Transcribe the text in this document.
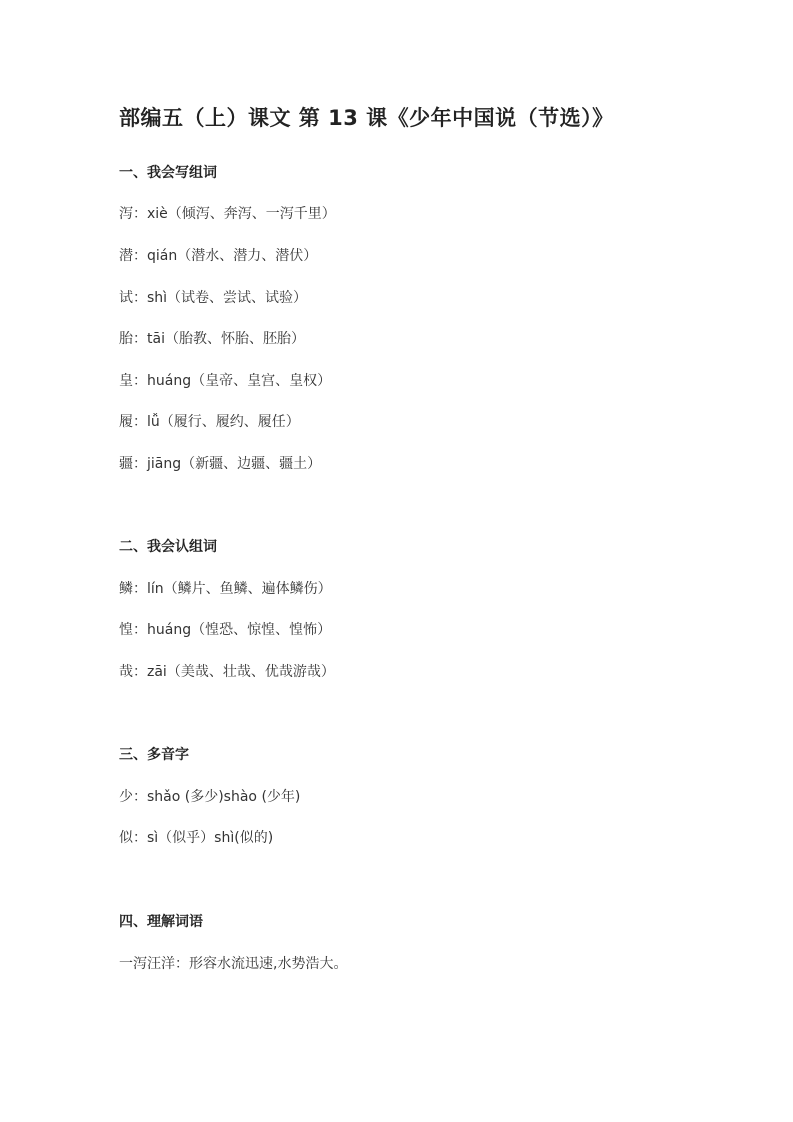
部编五（上）课文 第 13 课《少年中国说（节选）》
一、我会写组词
泻：xiè（倾泻、奔泻、一泻千里）
潜：qián（潜水、潜力、潜伏）
试：shì（试卷、尝试、试验）
胎：tāi（胎教、怀胎、胚胎）
皇：huáng（皇帝、皇宫、皇权）
履：lǚ（履行、履约、履任）
疆：jiāng（新疆、边疆、疆土）
二、我会认组词
鳞：lín（鳞片、鱼鳞、遍体鳞伤）
惶：huáng（惶恐、惊惶、惶怖）
哉：zāi（美哉、壮哉、优哉游哉）
三、多音字
少：shǎo (多少)shào (少年)
似：sì（似乎）shì(似的)
四、理解词语
一泻汪洋：形容水流迅速,水势浩大。
